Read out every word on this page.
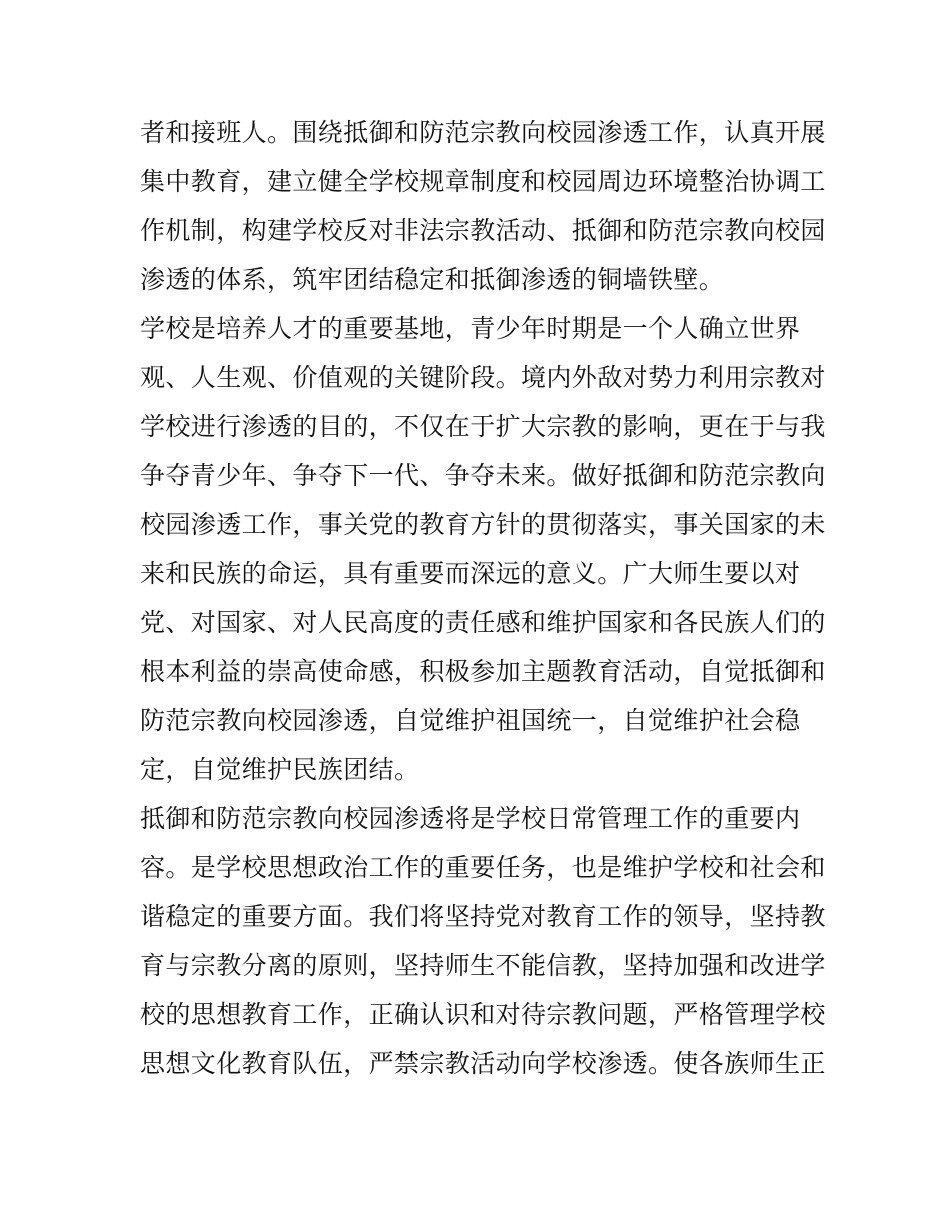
者和接班人。围绕抵御和防范宗教向校园渗透工作，认真开展
集中教育，建立健全学校规章制度和校园周边环境整治协调工
作机制，构建学校反对非法宗教活动、抵御和防范宗教向校园
渗透的体系，筑牢团结稳定和抵御渗透的铜墙铁壁。
学校是培养人才的重要基地，青少年时期是一个人确立世界
观、人生观、价值观的关键阶段。境内外敌对势力利用宗教对
学校进行渗透的目的，不仅在于扩大宗教的影响，更在于与我
争夺青少年、争夺下一代、争夺未来。做好抵御和防范宗教向
校园渗透工作，事关党的教育方针的贯彻落实，事关国家的未
来和民族的命运，具有重要而深远的意义。广大师生要以对
党、对国家、对人民高度的责任感和维护国家和各民族人们的
根本利益的崇高使命感，积极参加主题教育活动，自觉抵御和
防范宗教向校园渗透，自觉维护祖国统一，自觉维护社会稳
定，自觉维护民族团结。
抵御和防范宗教向校园渗透将是学校日常管理工作的重要内
容。是学校思想政治工作的重要任务，也是维护学校和社会和
谐稳定的重要方面。我们将坚持党对教育工作的领导，坚持教
育与宗教分离的原则，坚持师生不能信教，坚持加强和改进学
校的思想教育工作，正确认识和对待宗教问题，严格管理学校
思想文化教育队伍，严禁宗教活动向学校渗透。使各族师生正
